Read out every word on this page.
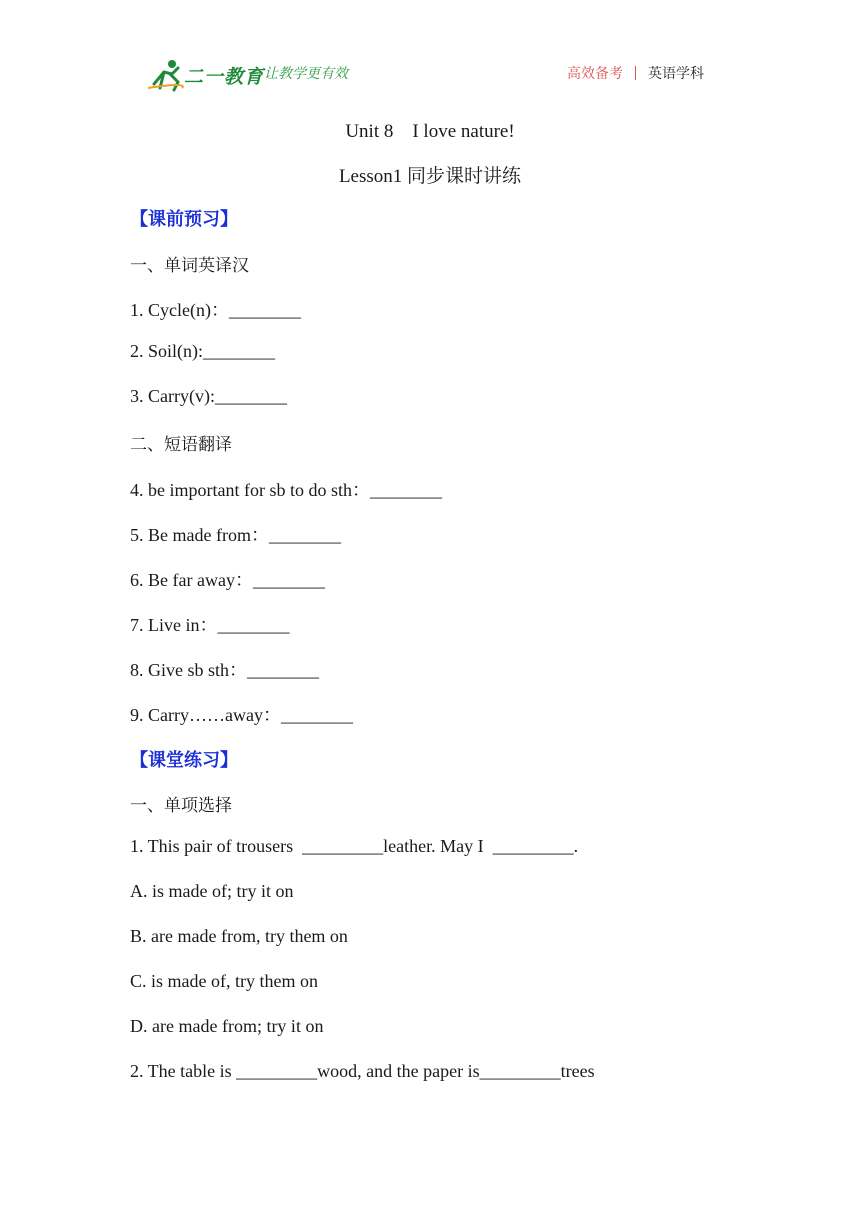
二一教育 让教学更有效	高效备考 英语学科
Unit 8　I love nature!
Lesson1 同步课时讲练
【课前预习】
一、单词英译汉
1. Cycle(n)：________
2. Soil(n):________
3. Carry(v):________
二、短语翻译
4. be important for sb to do sth：________
5. Be made from：________
6. Be far away：________
7. Live in：________
8. Give sb sth：________
9. Carry……away：________
【课堂练习】
一、单项选择
1. This pair of trousers  _________leather. May I  _________.
A. is made of; try it on
B. are made from, try them on
C. is made of, try them on
D. are made from; try it on
2. The table is _________wood, and the paper is_________trees
